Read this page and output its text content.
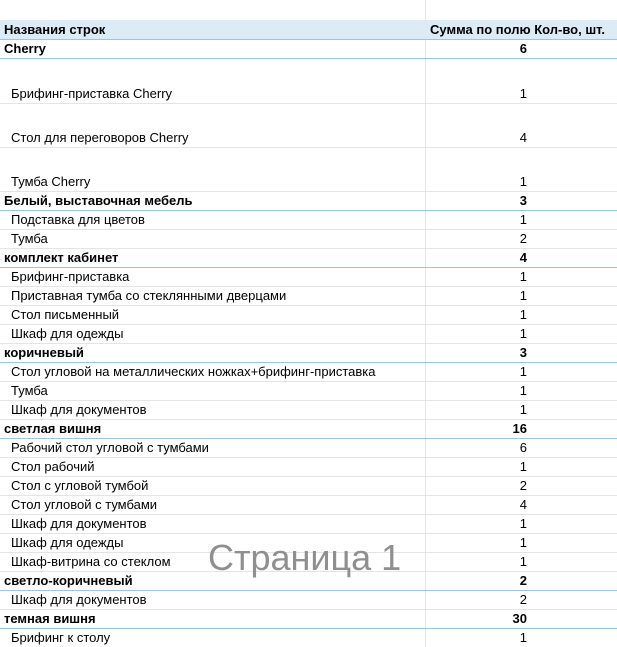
Названия строк	Сумма по полю Кол-во, шт.
Cherry	6
Брифинг-приставка Cherry	1
Стол для переговоров Cherry	4
Тумба Cherry	1
Белый, выставочная мебель	3
Подставка для цветов	1
Тумба	2
комплект кабинет	4
Брифинг-приставка	1
Приставная тумба со стеклянными дверцами	1
Стол письменный	1
Шкаф для одежды	1
коричневый	3
Стол угловой на металлических ножках+брифинг-приставка	1
Тумба	1
Шкаф для документов	1
светлая вишня	16
Рабочий стол угловой с тумбами	6
Стол рабочий	1
Стол с угловой тумбой	2
Стол угловой с тумбами	4
Шкаф для документов	1
Шкаф для одежды	1
Шкаф-витрина со стеклом	1
светло-коричневый	2
Шкаф для документов	2
темная вишня	30
Брифинг к столу	1
Страница 1
